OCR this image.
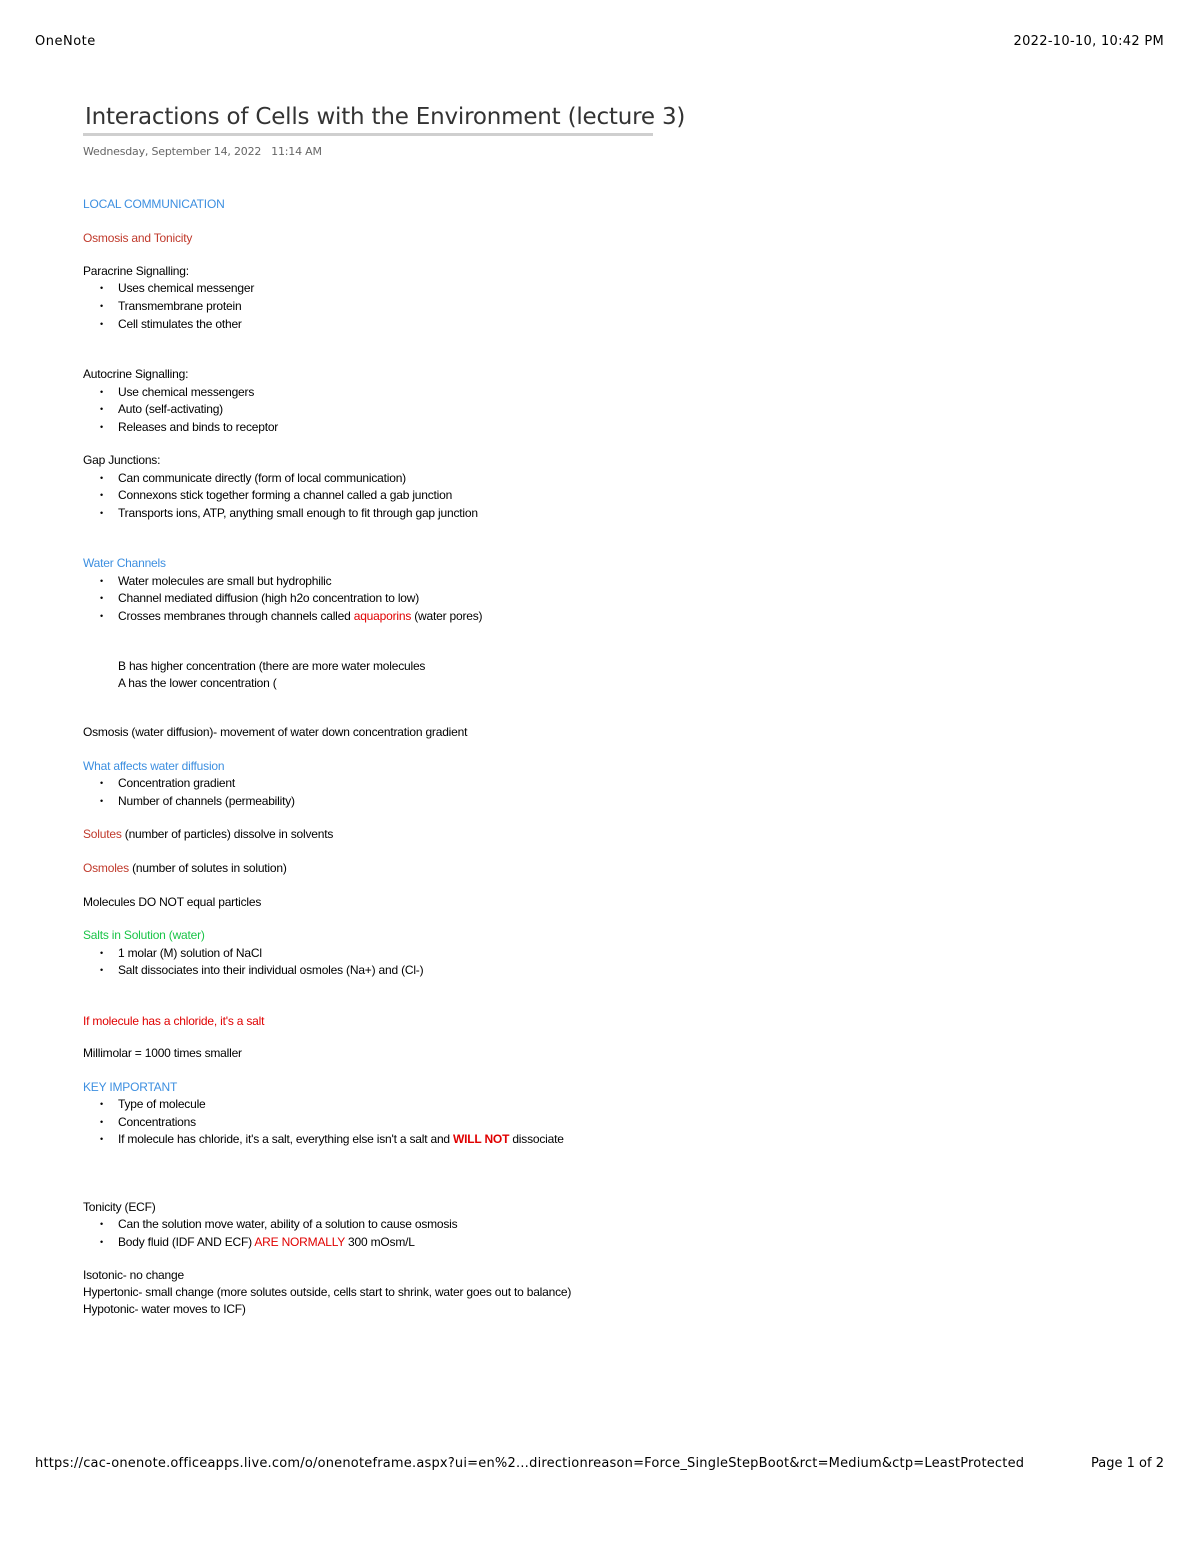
OneNote	2022-10-10, 10:42 PM
Interactions of Cells with the Environment (lecture 3)
Wednesday, September 14, 2022 11:14 AM
LOCAL COMMUNICATION
Osmosis and Tonicity
Paracrine Signalling:
• Uses chemical messenger
• Transmembrane protein
• Cell stimulates the other
Autocrine Signalling:
• Use chemical messengers
• Auto (self-activating)
• Releases and binds to receptor
Gap Junctions:
• Can communicate directly (form of local communication)
• Connexons stick together forming a channel called a gab junction
• Transports ions, ATP, anything small enough to fit through gap junction
Water Channels
• Water molecules are small but hydrophilic
• Channel mediated diffusion (high h2o concentration to low)
• Crosses membranes through channels called aquaporins (water pores)
B has higher concentration (there are more water molecules
A has the lower concentration (
Osmosis (water diffusion)- movement of water down concentration gradient
What affects water diffusion
• Concentration gradient
• Number of channels (permeability)
Solutes (number of particles) dissolve in solvents
Osmoles (number of solutes in solution)
Molecules DO NOT equal particles
Salts in Solution (water)
• 1 molar (M) solution of NaCl
• Salt dissociates into their individual osmoles (Na+) and (Cl-)
If molecule has a chloride, it's a salt
Millimolar = 1000 times smaller
KEY IMPORTANT
• Type of molecule
• Concentrations
• If molecule has chloride, it's a salt, everything else isn't a salt and WILL NOT dissociate
Tonicity (ECF)
• Can the solution move water, ability of a solution to cause osmosis
• Body fluid (IDF AND ECF) ARE NORMALLY 300 mOsm/L
Isotonic- no change
Hypertonic- small change (more solutes outside, cells start to shrink, water goes out to balance)
Hypotonic- water moves to ICF)
https://cac-onenote.officeapps.live.com/o/onenoteframe.aspx?ui=en%2…directionreason=Force_SingleStepBoot&rct=Medium&ctp=LeastProtected	Page 1 of 2
